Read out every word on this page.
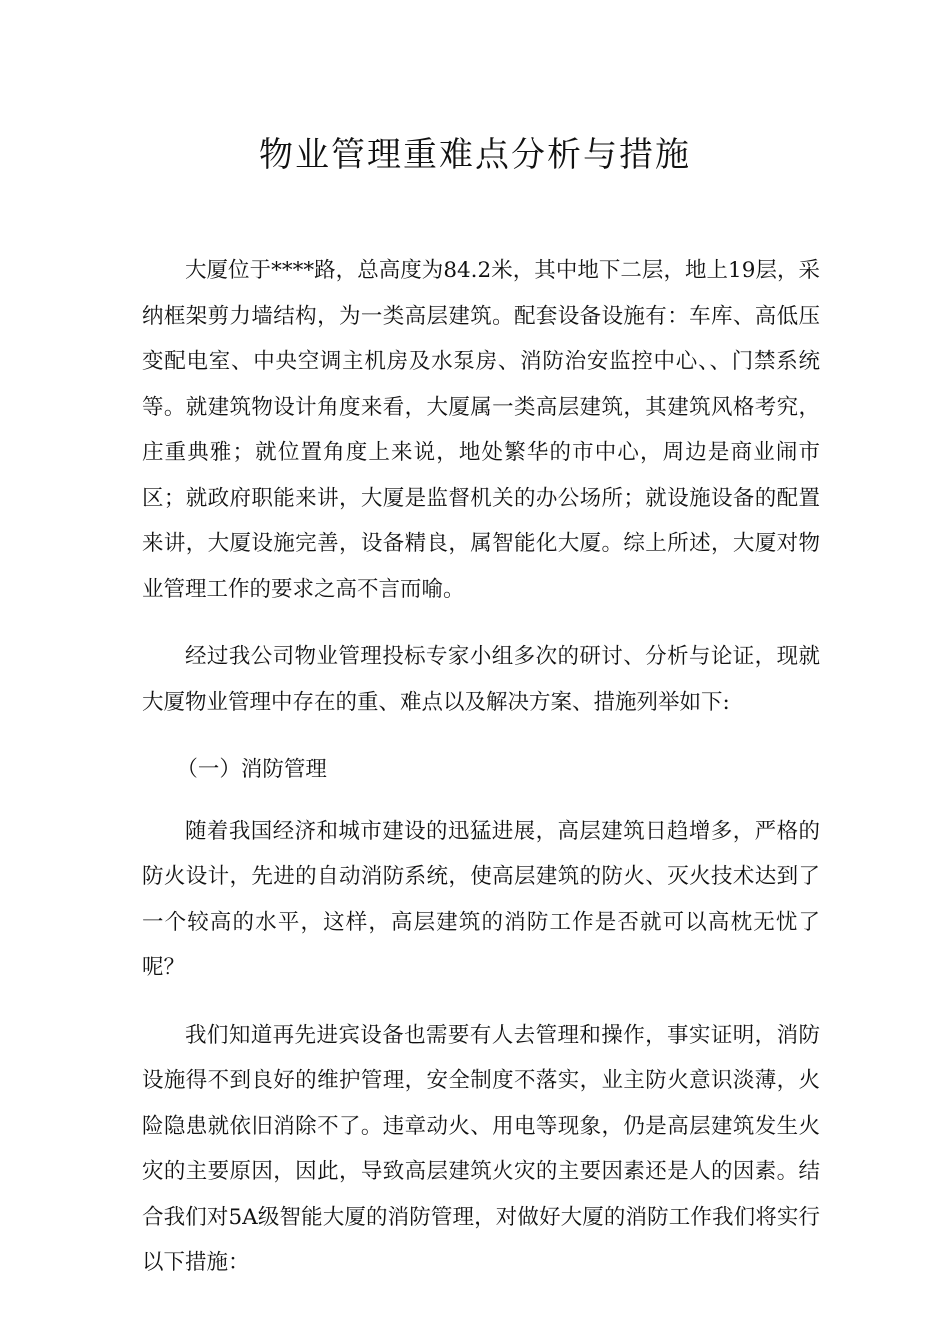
物业管理重难点分析与措施

大厦位于****路，总高度为84.2米，其中地下二层，地上19层，采纳框架剪力墙结构，为一类高层建筑。配套设备设施有：车库、高低压变配电室、中央空调主机房及水泵房、消防治安监控中心、、门禁系统等。就建筑物设计角度来看，大厦属一类高层建筑，其建筑风格考究，庄重典雅；就位置角度上来说，地处繁华的市中心，周边是商业闹市区；就政府职能来讲，大厦是监督机关的办公场所；就设施设备的配置来讲，大厦设施完善，设备精良，属智能化大厦。综上所述，大厦对物业管理工作的要求之高不言而喻。

经过我公司物业管理投标专家小组多次的研讨、分析与论证，现就大厦物业管理中存在的重、难点以及解决方案、措施列举如下:

（一）消防管理

随着我国经济和城市建设的迅猛进展，高层建筑日趋增多，严格的防火设计，先进的自动消防系统，使高层建筑的防火、灭火技术达到了一个较高的水平，这样，高层建筑的消防工作是否就可以高枕无忧了呢？

我们知道再先进宾设备也需要有人去管理和操作，事实证明，消防设施得不到良好的维护管理，安全制度不落实，业主防火意识淡薄，火险隐患就依旧消除不了。违章动火、用电等现象，仍是高层建筑发生火灾的主要原因，因此，导致高层建筑火灾的主要因素还是人的因素。结合我们对5A级智能大厦的消防管理，对做好大厦的消防工作我们将实行以下措施：
